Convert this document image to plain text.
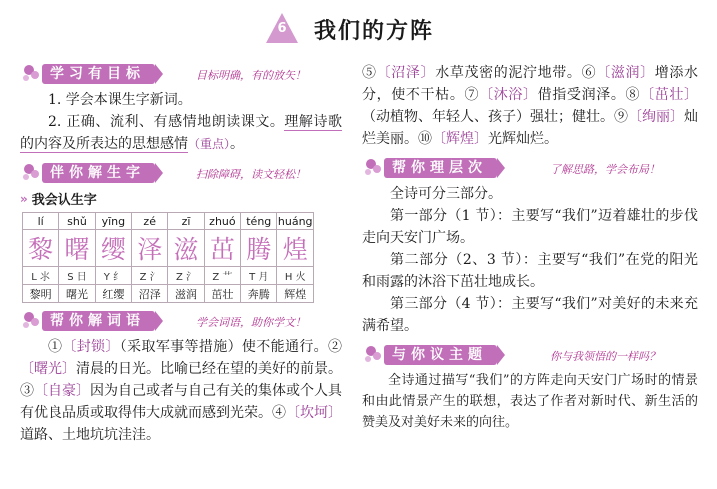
6	我们的方阵
学习有目标	目标明确，有的放矢！

1. 学会本课生字新词。

2. 正确、流利、有感情地朗读课文。理解诗歌的内容及所表达的思想感情（重点）。

伴你解生字	扫除障碍，读文轻松！
» 我会认生字
lí	shǔ	yīng	zé	zī	zhuó	téng	huáng
黎	曙	缨	泽	滋	茁	腾	煌
L ⺢	S 日	Y 纟	Z 氵	Z 氵	Z 艹	T 月	H 火
黎明	曙光	红缨	沼泽	滋润	茁壮	奔腾	辉煌
帮你解词语	学会词语，助你学文！

①〔封锁〕（采取军事等措施）使不能通行。②〔曙光〕清晨的日光。比喻已经在望的美好的前景。③〔自豪〕因为自己或者与自己有关的集体或个人具有优良品质或取得伟大成就而感到光荣。④〔坎坷〕道路、土地坑坑洼洼。

⑤〔沼泽〕水草茂密的泥泞地带。⑥〔滋润〕增添水分，使不干枯。⑦〔沐浴〕借指受润泽。⑧〔茁壮〕（动植物、年轻人、孩子）强壮；健壮。⑨〔绚丽〕灿烂美丽。⑩〔辉煌〕光辉灿烂。

帮你理层次	了解思路，学会布局！

全诗可分三部分。

第一部分（1 节）：主要写“我们”迈着雄壮的步伐走向天安门广场。

第二部分（2、3 节）：主要写“我们”在党的阳光和雨露的沐浴下茁壮地成长。

第三部分（4 节）：主要写“我们”对美好的未来充满希望。

与你议主题	你与我领悟的一样吗？

全诗通过描写“我们”的方阵走向天安门广场时的情景和由此情景产生的联想，表达了作者对新时代、新生活的赞美及对美好未来的向往。
